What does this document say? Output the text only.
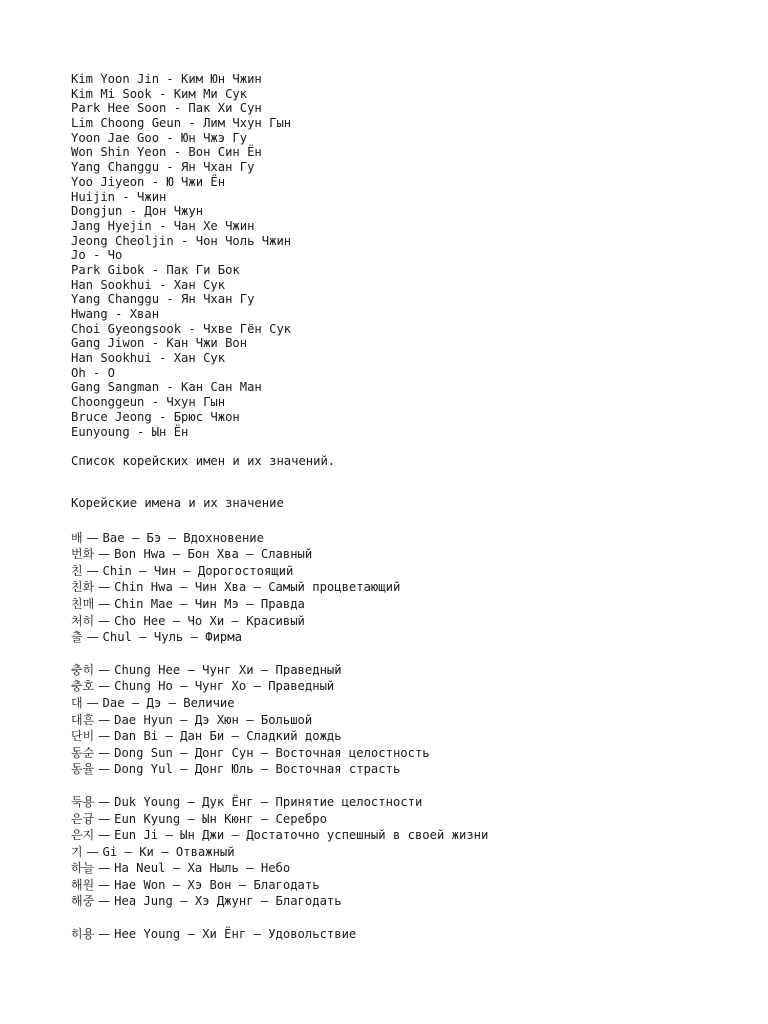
Kim Yoon Jin - Ким Юн Чжин
Kim Mi Sook - Ким Ми Сук
Park Hee Soon - Пак Хи Сун
Lim Choong Geun - Лим Чхун Гын
Yoon Jae Goo - Юн Чжэ Гу
Won Shin Yeon - Вон Син Ён
Yang Changgu - Ян Чхан Гу
Yoo Jiyeon - Ю Чжи Ён
Huijin - Чжин
Dongjun - Дон Чжун
Jang Hyejin - Чан Хе Чжин
Jeong Cheoljin - Чон Чоль Чжин
Jo - Чо
Park Gibok - Пак Ги Бок
Han Sookhui - Хан Сук
Yang Changgu - Ян Чхан Гу
Hwang - Хван
Choi Gyeongsook - Чхве Гён Сук
Gang Jiwon - Кан Чжи Вон
Han Sookhui - Хан Сук
Oh - О
Gang Sangman - Кан Сан Ман
Choonggeun - Чхун Гын
Bruce Jeong - Брюс Чжон
Eunyoung - Ын Ён
Список корейских имен и их значений.
Корейские имена и их значение
배 — Bae – Бэ – Вдохновение
번화 — Bon Hwa – Бон Хва – Славный
친 — Chin – Чин – Дорогостоящий
친화 — Chin Hwa – Чин Хва – Самый процветающий
친매 — Chin Mae – Чин Мэ – Правда
처히 — Cho Hee – Чо Хи – Красивый
출 — Chul – Чуль – Фирма
충히 — Chung Hee – Чунг Хи – Праведный
충호 — Chung Ho – Чунг Хо – Праведный
대 — Dae – Дэ – Величие
대흔 — Dae Hyun – Дэ Хюн – Большой
단비 — Dan Bi – Дан Би – Сладкий дождь
동순 — Dong Sun – Донг Сун – Восточная целостность
동율 — Dong Yul – Донг Юль – Восточная страсть
둑용 — Duk Young – Дук Ёнг – Принятие целостности
은귱 — Eun Kyung – Ын Кюнг – Серебро
은지 — Eun Ji – Ын Джи – Достаточно успешный в своей жизни
기 — Gi – Ки – Отважный
하늘 — Ha Neul – Ха Ныль – Небо
해원 — Hae Won – Хэ Вон – Благодать
해중 — Hea Jung – Хэ Джунг – Благодать
히용 — Hee Young – Хи Ёнг – Удовольствие
